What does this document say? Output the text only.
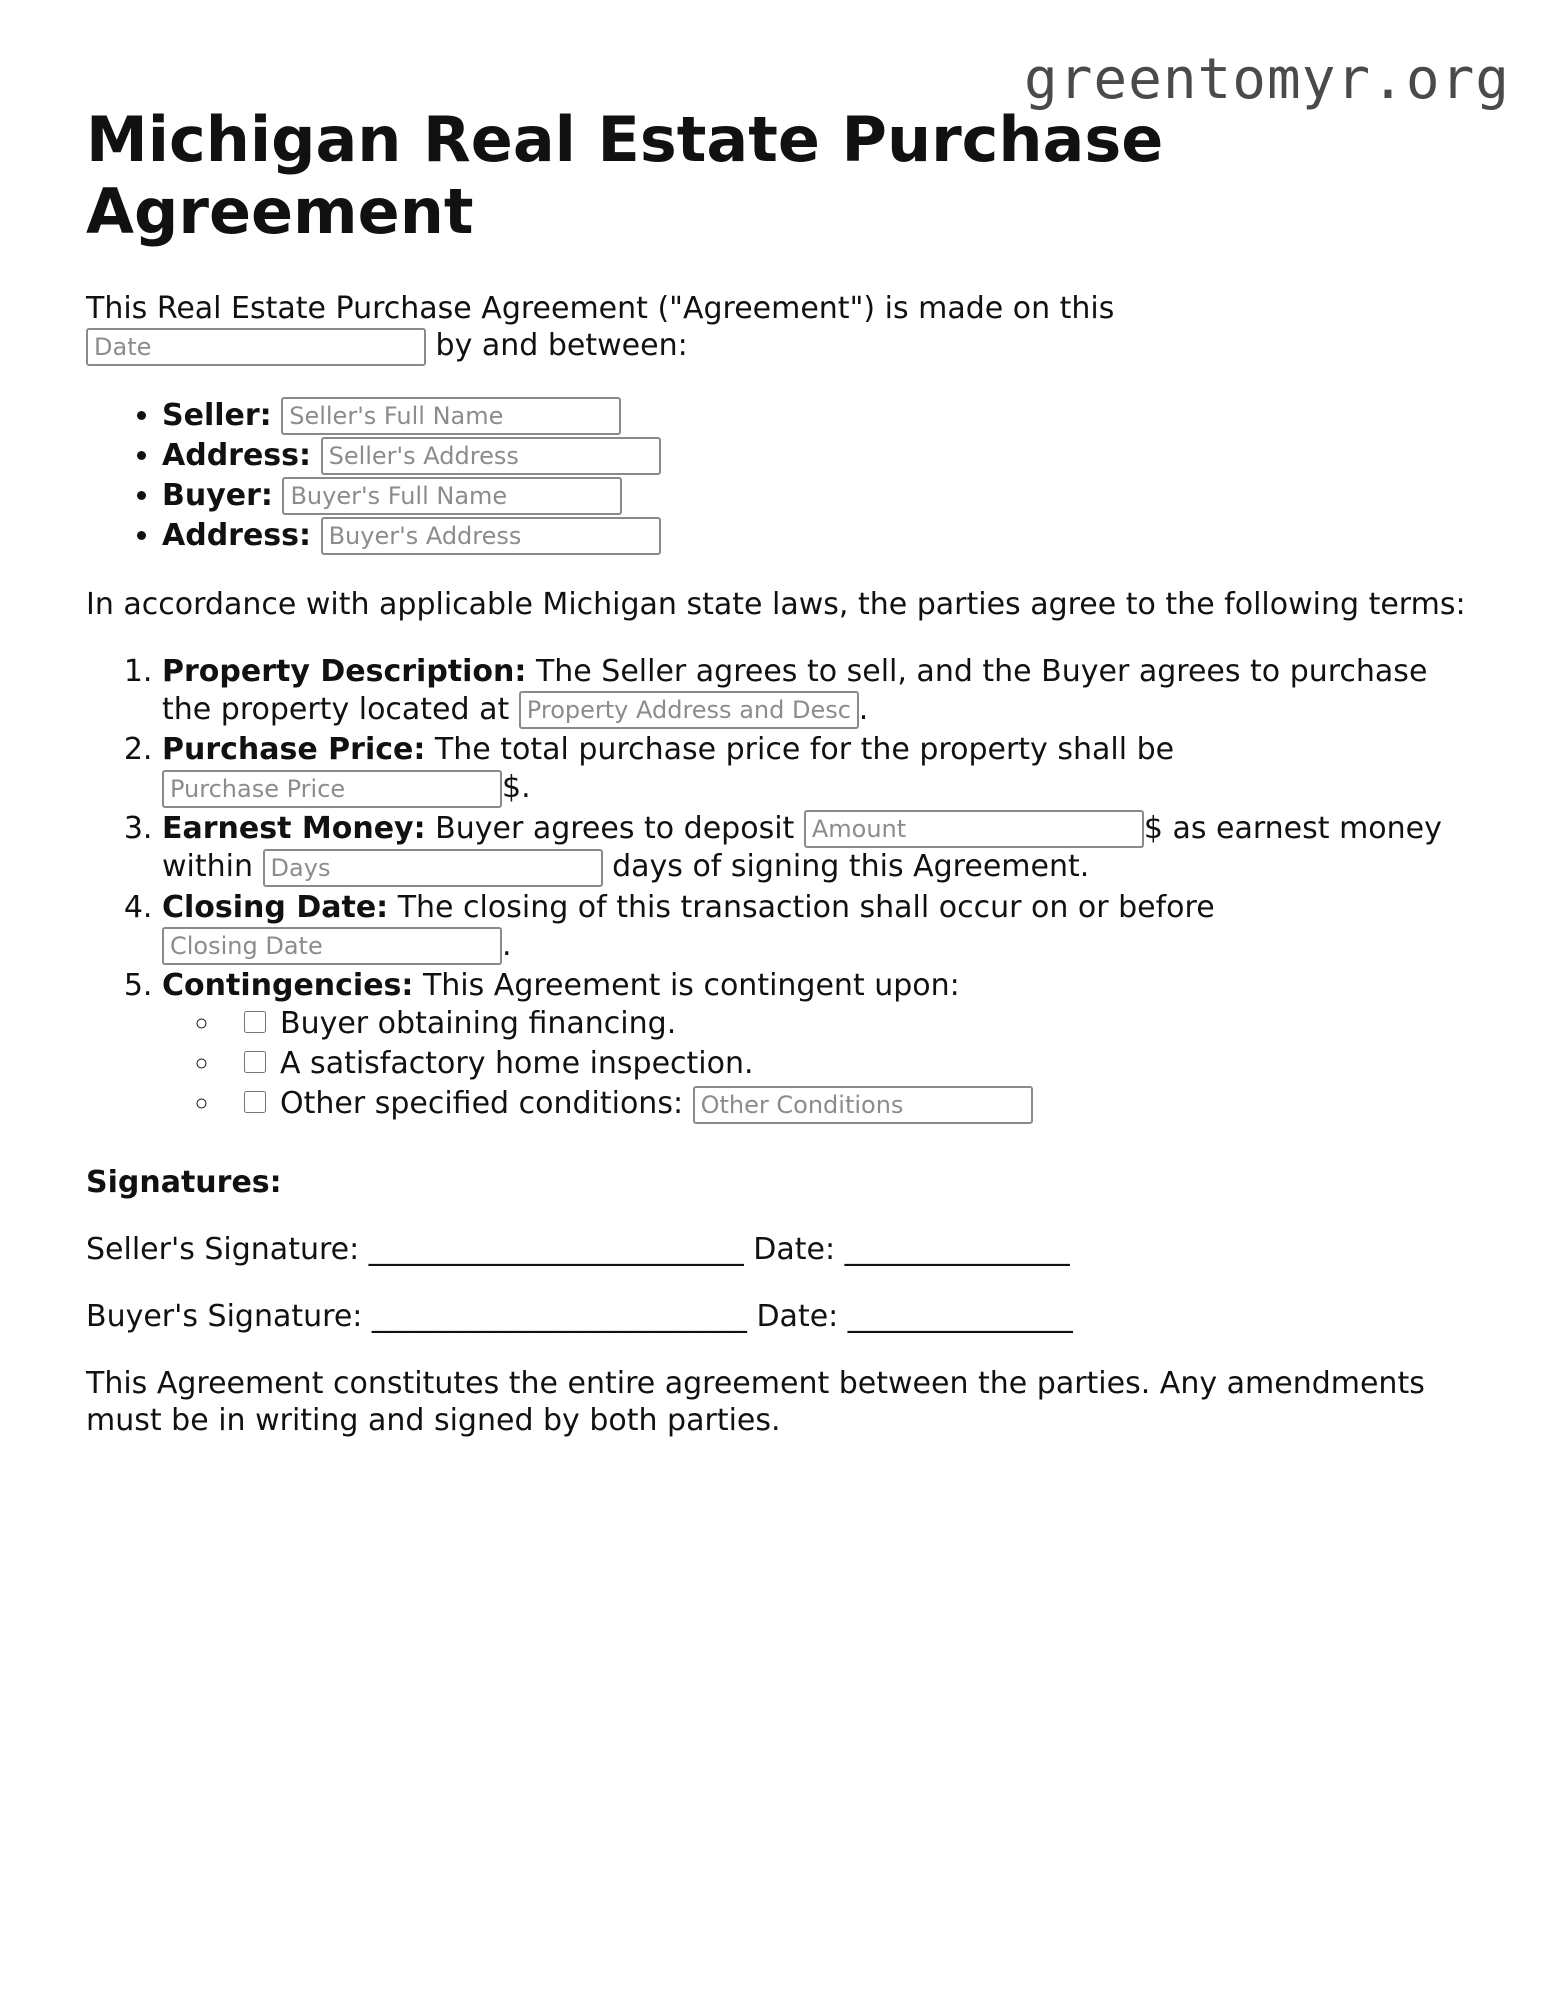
greentomyr.org
Michigan Real Estate Purchase Agreement

This Real Estate Purchase Agreement ("Agreement") is made on this
Date by and between:

• Seller: Seller's Full Name
• Address: Seller's Address
• Buyer: Buyer's Full Name
• Address: Buyer's Address

In accordance with applicable Michigan state laws, the parties agree to the following terms:

1. Property Description: The Seller agrees to sell, and the Buyer agrees to purchase the property located at Property Address and Description	.
2. Purchase Price: The total purchase price for the property shall be
Purchase Price$.
3. Earnest Money: Buyer agrees to deposit Amount	$ as earnest money within Days	days of signing this Agreement.
4. Closing Date: The closing of this transaction shall occur on or before
Closing Date.
5. Contingencies: This Agreement is contingent upon:
◦ Buyer obtaining financing.
◦ A satisfactory home inspection.
◦ Other specified conditions: Other Conditions

Signatures:

Seller's Signature: _________________________ Date: _______________

Buyer's Signature: _________________________ Date: _______________

This Agreement constitutes the entire agreement between the parties. Any amendments must be in writing and signed by both parties.
